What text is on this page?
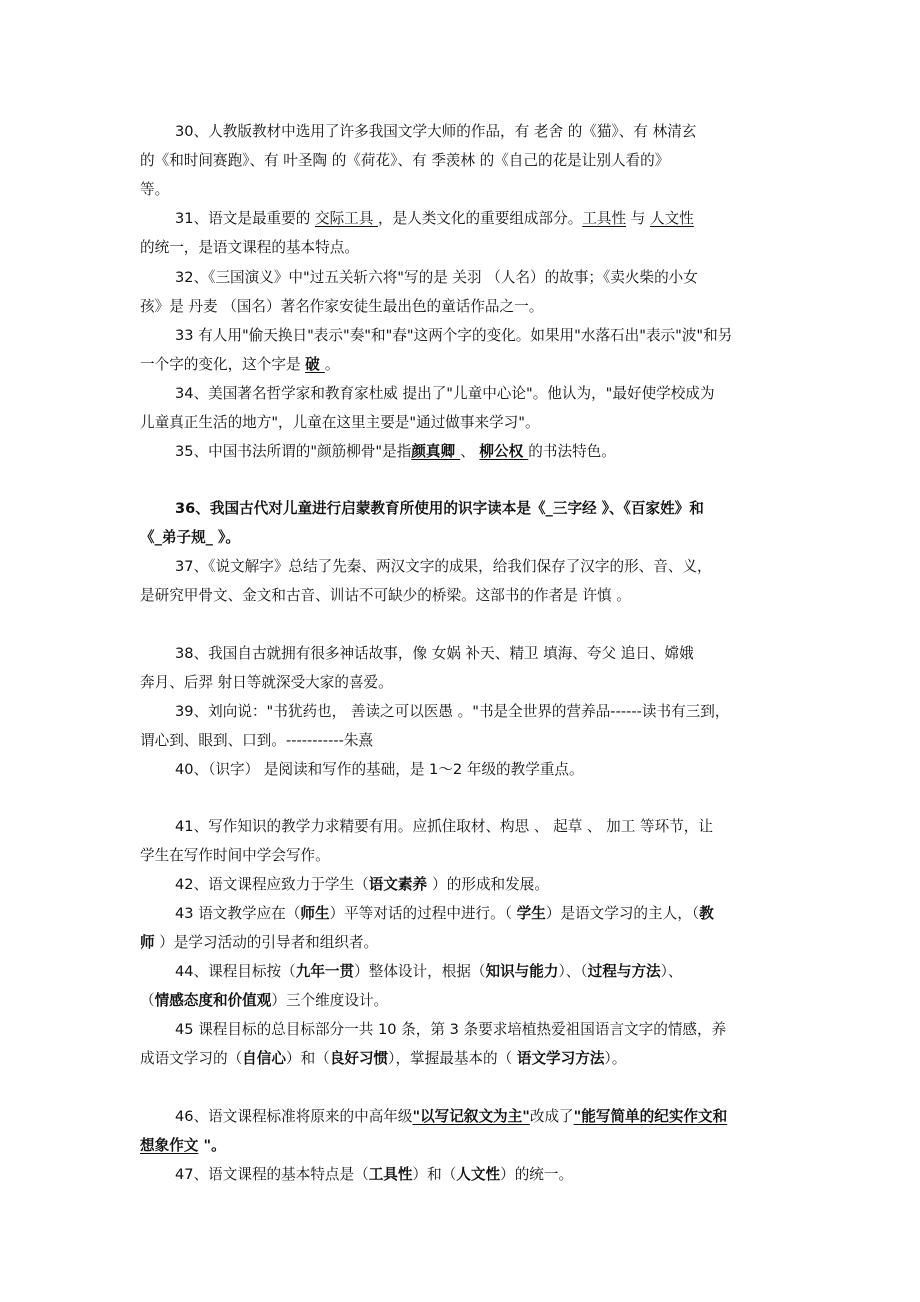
30、人教版教材中选用了许多我国文学大师的作品，有 老舍 的《猫》、有 林清玄
的《和时间赛跑》、有 叶圣陶 的《荷花》、有 季羡林 的《自己的花是让别人看的》
等。
31、语文是最重要的 交际工具 ，是人类文化的重要组成部分。工具性 与 人文性
的统一，是语文课程的基本特点。
32、《三国演义》中"过五关斩六将"写的是 关羽 （人名）的故事；《卖火柴的小女
孩》是 丹麦 （国名）著名作家安徒生最出色的童话作品之一。
33 有人用"偷天换日"表示"奏"和"春"这两个字的变化。如果用"水落石出"表示"波"和另
一个字的变化，这个字是 破 。
34、美国著名哲学家和教育家杜威 提出了"儿童中心论"。他认为，"最好使学校成为
儿童真正生活的地方"，儿童在这里主要是"通过做事来学习"。
35、中国书法所谓的"颜筋柳骨"是指颜真卿 、 柳公权 的书法特色。
36、我国古代对儿童进行启蒙教育所使用的识字读本是《_三字经 》、《百家姓》和
《_弟子规_ 》。
37、《说文解字》总结了先秦、两汉文字的成果，给我们保存了汉字的形、音、义，
是研究甲骨文、金文和古音、训诂不可缺少的桥梁。这部书的作者是 许慎 。
38、我国自古就拥有很多神话故事，像 女娲 补天、精卫 填海、夸父 追日、嫦娥
奔月、后羿 射日等就深受大家的喜爱。
39、刘向说："书犹药也， 善读之可以医愚 。"书是全世界的营养品------读书有三到，
谓心到、眼到、口到。-----------朱熹
40、（识字） 是阅读和写作的基础，是 1～2 年级的教学重点。
41、写作知识的教学力求精要有用。应抓住取材、构思 、 起草 、 加工 等环节，让
学生在写作时间中学会写作。
42、语文课程应致力于学生（语文素养 ）的形成和发展。
43 语文教学应在（师生）平等对话的过程中进行。（ 学生）是语文学习的主人，（教
师 ）是学习活动的引导者和组织者。
44、课程目标按（九年一贯）整体设计，根据（知识与能力）、（过程与方法）、
（情感态度和价值观）三个维度设计。
45 课程目标的总目标部分一共 10 条，第 3 条要求培植热爱祖国语言文字的情感，养
成语文学习的（自信心）和（良好习惯），掌握最基本的（ 语文学习方法）。
46、语文课程标准将原来的中高年级"以写记叙文为主"改成了"能写简单的纪实作文和
想象作文 "。
47、语文课程的基本特点是（工具性）和（人文性）的统一。
